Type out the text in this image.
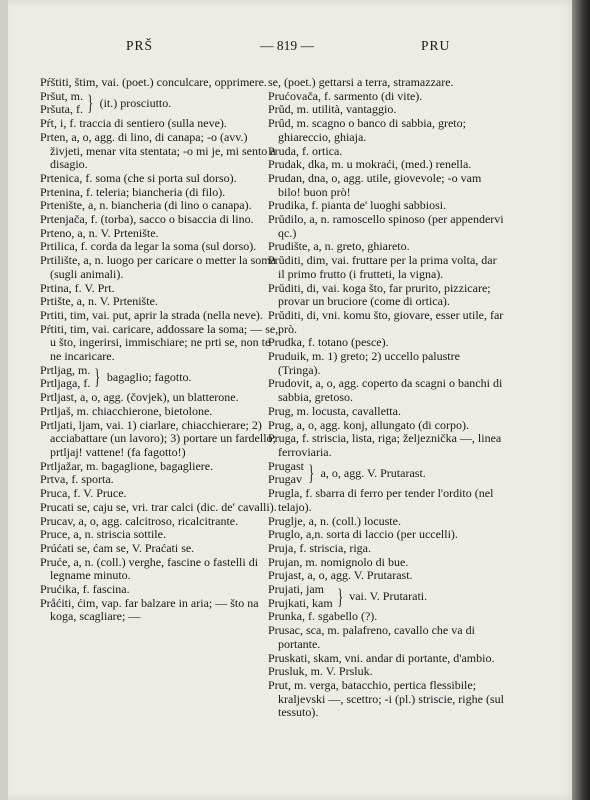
PRŠ	— 819 —	PRU

Pŕštiti, štim, vai. (poet.) conculcare, opprimere.

Pršut, m.
Pršuta, f. } (it.) prosciutto.

Pŕt, i, f. traccia di sentiero (sulla neve).

Prten, a, o, agg. di lino, di canapa; -o (avv.) živjeti, menar vita stentata; -o mi je, mi sento a disagio.

Prtenica, f. soma (che si porta sul dorso).

Prtenina, f. teleria; biancheria (di filo).

Prtenište, a, n. biancheria (di lino o canapa).

Prtenjača, f. (torba), sacco o bisaccia di lino.

Prteno, a, n. V. Prtenište.

Prtilica, f. corda da legar la soma (sul dorso).

Prtilište, a, n. luogo per caricare o metter la soma (sugli animali).

Prtina, f. V. Prt.

Prtište, a, n. V. Prtenište.

Prtiti, tim, vai. put, aprir la strada (nella neve).

Pŕtiti, tim, vai. caricare, addossare la soma; — se, u što, ingerirsi, immischiare; ne prti se, non te ne incaricare.

Prtljag, m.
Prtljaga, f. } bagaglio; fagotto.

Prtljast, a, o, agg. (čovjek), un blatterone.

Prtljaš, m. chiacchierone, bietolone.

Prtljati, ljam, vai. 1) ciarlare, chiacchierare; 2) acciabattare (un lavoro); 3) portare un fardello; prtljaj! vattene! (fa fagotto!)

Prtljažar, m. bagaglione, bagagliere.

Prtva, f. sporta.

Pruca, f. V. Pruce.

Prucati se, caju se, vri. trar calci (dic. de' cavalli).

Prucav, a, o, agg. calcitroso, ricalcitrante.

Pruce, a, n. striscia sottile.

Prúćati se, ćam se, V. Praćati se.

Pruće, a, n. (coll.) verghe, fascine o fastelli di legname minuto.

Prućika, f. fascina.

Pråćiti, ćim, vap. far balzare in aria; — što na koga, scagliare; —

se, (poet.) gettarsi a terra, stramazzare.

Prućovača, f. sarmento (di vite).

Prŭd, m. utilità, vantaggio.

Prûd, m. scagno o banco di sabbia, greto; ghiareccio, ghiaja.

Pruda, f. ortica.

Prudak, dka, m. u mokraći, (med.) renella.

Prudan, dna, o, agg. utile, giovevole; -o vam bilo! buon prò!

Prudika, f. pianta de' luoghi sabbiosi.

Prŭdilo, a, n. ramoscello spinoso (per appendervi qc.)

Prudište, a, n. greto, ghiareto.

Prŭditi, dim, vai. fruttare per la prima volta, dar il primo frutto (i frutteti, la vigna).

Prŭditi, di, vai. koga što, far prurito, pizzicare; provar un bruciore (come di ortica).

Prŭditi, di, vni. komu što, giovare, esser utile, far prò.

Prudka, f. totano (pesce).

Pruduik, m. 1) greto; 2) uccello palustre (Tringa).

Prudovit, a, o, agg. coperto da scagni o banchi di sabbia, gretoso.

Prug, m. locusta, cavalletta.

Prug, a, o, agg. konj, allungato (di corpo).

Pruga, f. striscia, lista, riga; željeznička —, linea ferroviaria.

Prugast
Prugav } a, o, agg. V. Prutarast.

Prugla, f. sbarra di ferro per tender l'ordito (nel telajo).

Pruglje, a, n. (coll.) locuste.

Pruglo, a,n. sorta di laccio (per uccelli).

Pruja, f. striscia, riga.

Prujan, m. nomignolo di bue.

Prujast, a, o, agg. V. Prutarast.

Prujati, jam
Prujkati, kam } vai. V. Prutarati.

Prunka, f. sgabello (?).

Prusac, sca, m. palafreno, cavallo che va di portante.

Pruskati, skam, vni. andar di portante, d'ambio.

Prusluk, m. V. Prsluk.

Prut, m. verga, batacchio, pertica flessibile; kraljevski —, scettro; -i (pl.) striscie, righe (sul tessuto).
